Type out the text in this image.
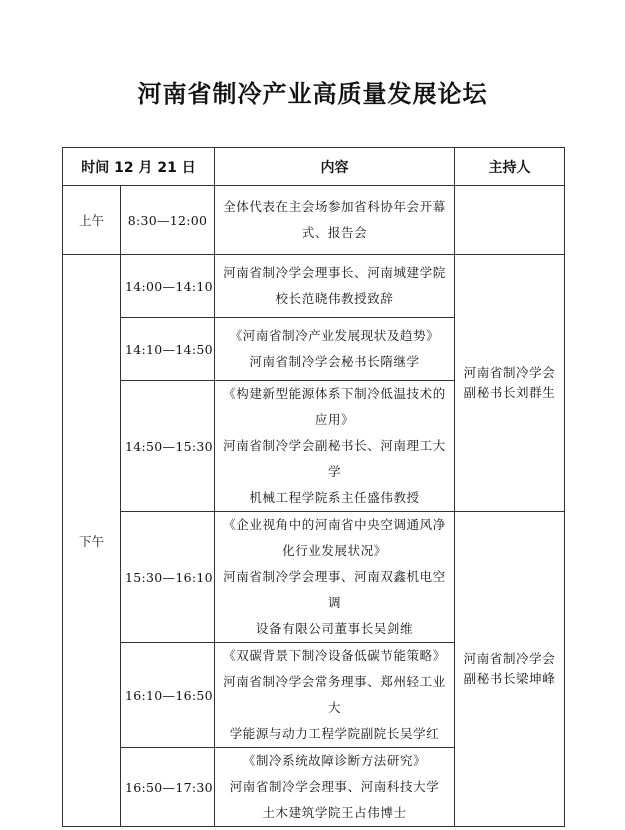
河南省制冷产业高质量发展论坛
时间 12 月 21 日		内容	主持人
上午	8:30—12:00	全体代表在主会场参加省科协年会开幕
式、报告会	

下午	14:00—14:10	河南省制冷学会理事长、河南城建学院
校长范晓伟教授致辞	河南省制冷学会
副秘书长刘群生

	14:10—14:50	《河南省制冷产业发展现状及趋势》
河南省制冷学会秘书长隋继学	

	14:50—15:30	《构建新型能源体系下制冷低温技术的
应用》
河南省制冷学会副秘书长、河南理工大学
机械工程学院系主任盛伟教授	

	15:30—16:10	《企业视角中的河南省中央空调通风净
化行业发展状况》
河南省制冷学会理事、河南双鑫机电空调
设备有限公司董事长吴剑维	河南省制冷学会
副秘书长梁坤峰

	16:10—16:50	《双碳背景下制冷设备低碳节能策略》
河南省制冷学会常务理事、郑州轻工业大
学能源与动力工程学院副院长吴学红	

	16:50—17:30	《制冷系统故障诊断方法研究》
河南省制冷学会理事、河南科技大学
土木建筑学院王占伟博士	
